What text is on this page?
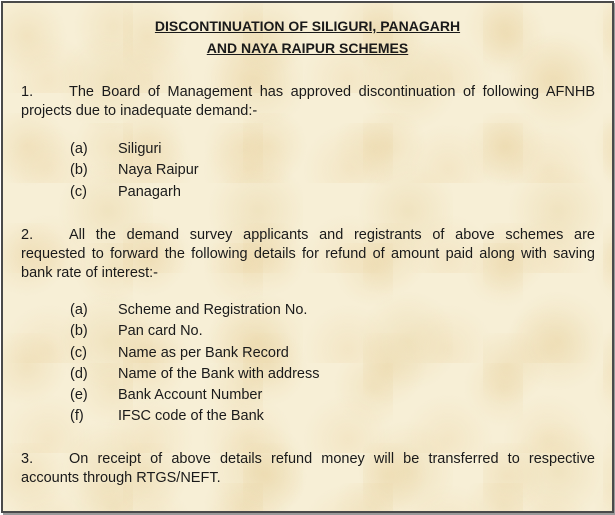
DISCONTINUATION OF SILIGURI, PANAGARH
AND NAYA RAIPUR SCHEMES
1. The Board of Management has approved discontinuation of following AFNHB projects due to inadequate demand:-
(a) Siliguri
(b) Naya Raipur
(c) Panagarh
2. All the demand survey applicants and registrants of above schemes are requested to forward the following details for refund of amount paid along with saving bank rate of interest:-
(a) Scheme and Registration No.
(b) Pan card No.
(c) Name as per Bank Record
(d) Name of the Bank with address
(e) Bank Account Number
(f) IFSC code of the Bank
3. On receipt of above details refund money will be transferred to respective accounts through RTGS/NEFT.
